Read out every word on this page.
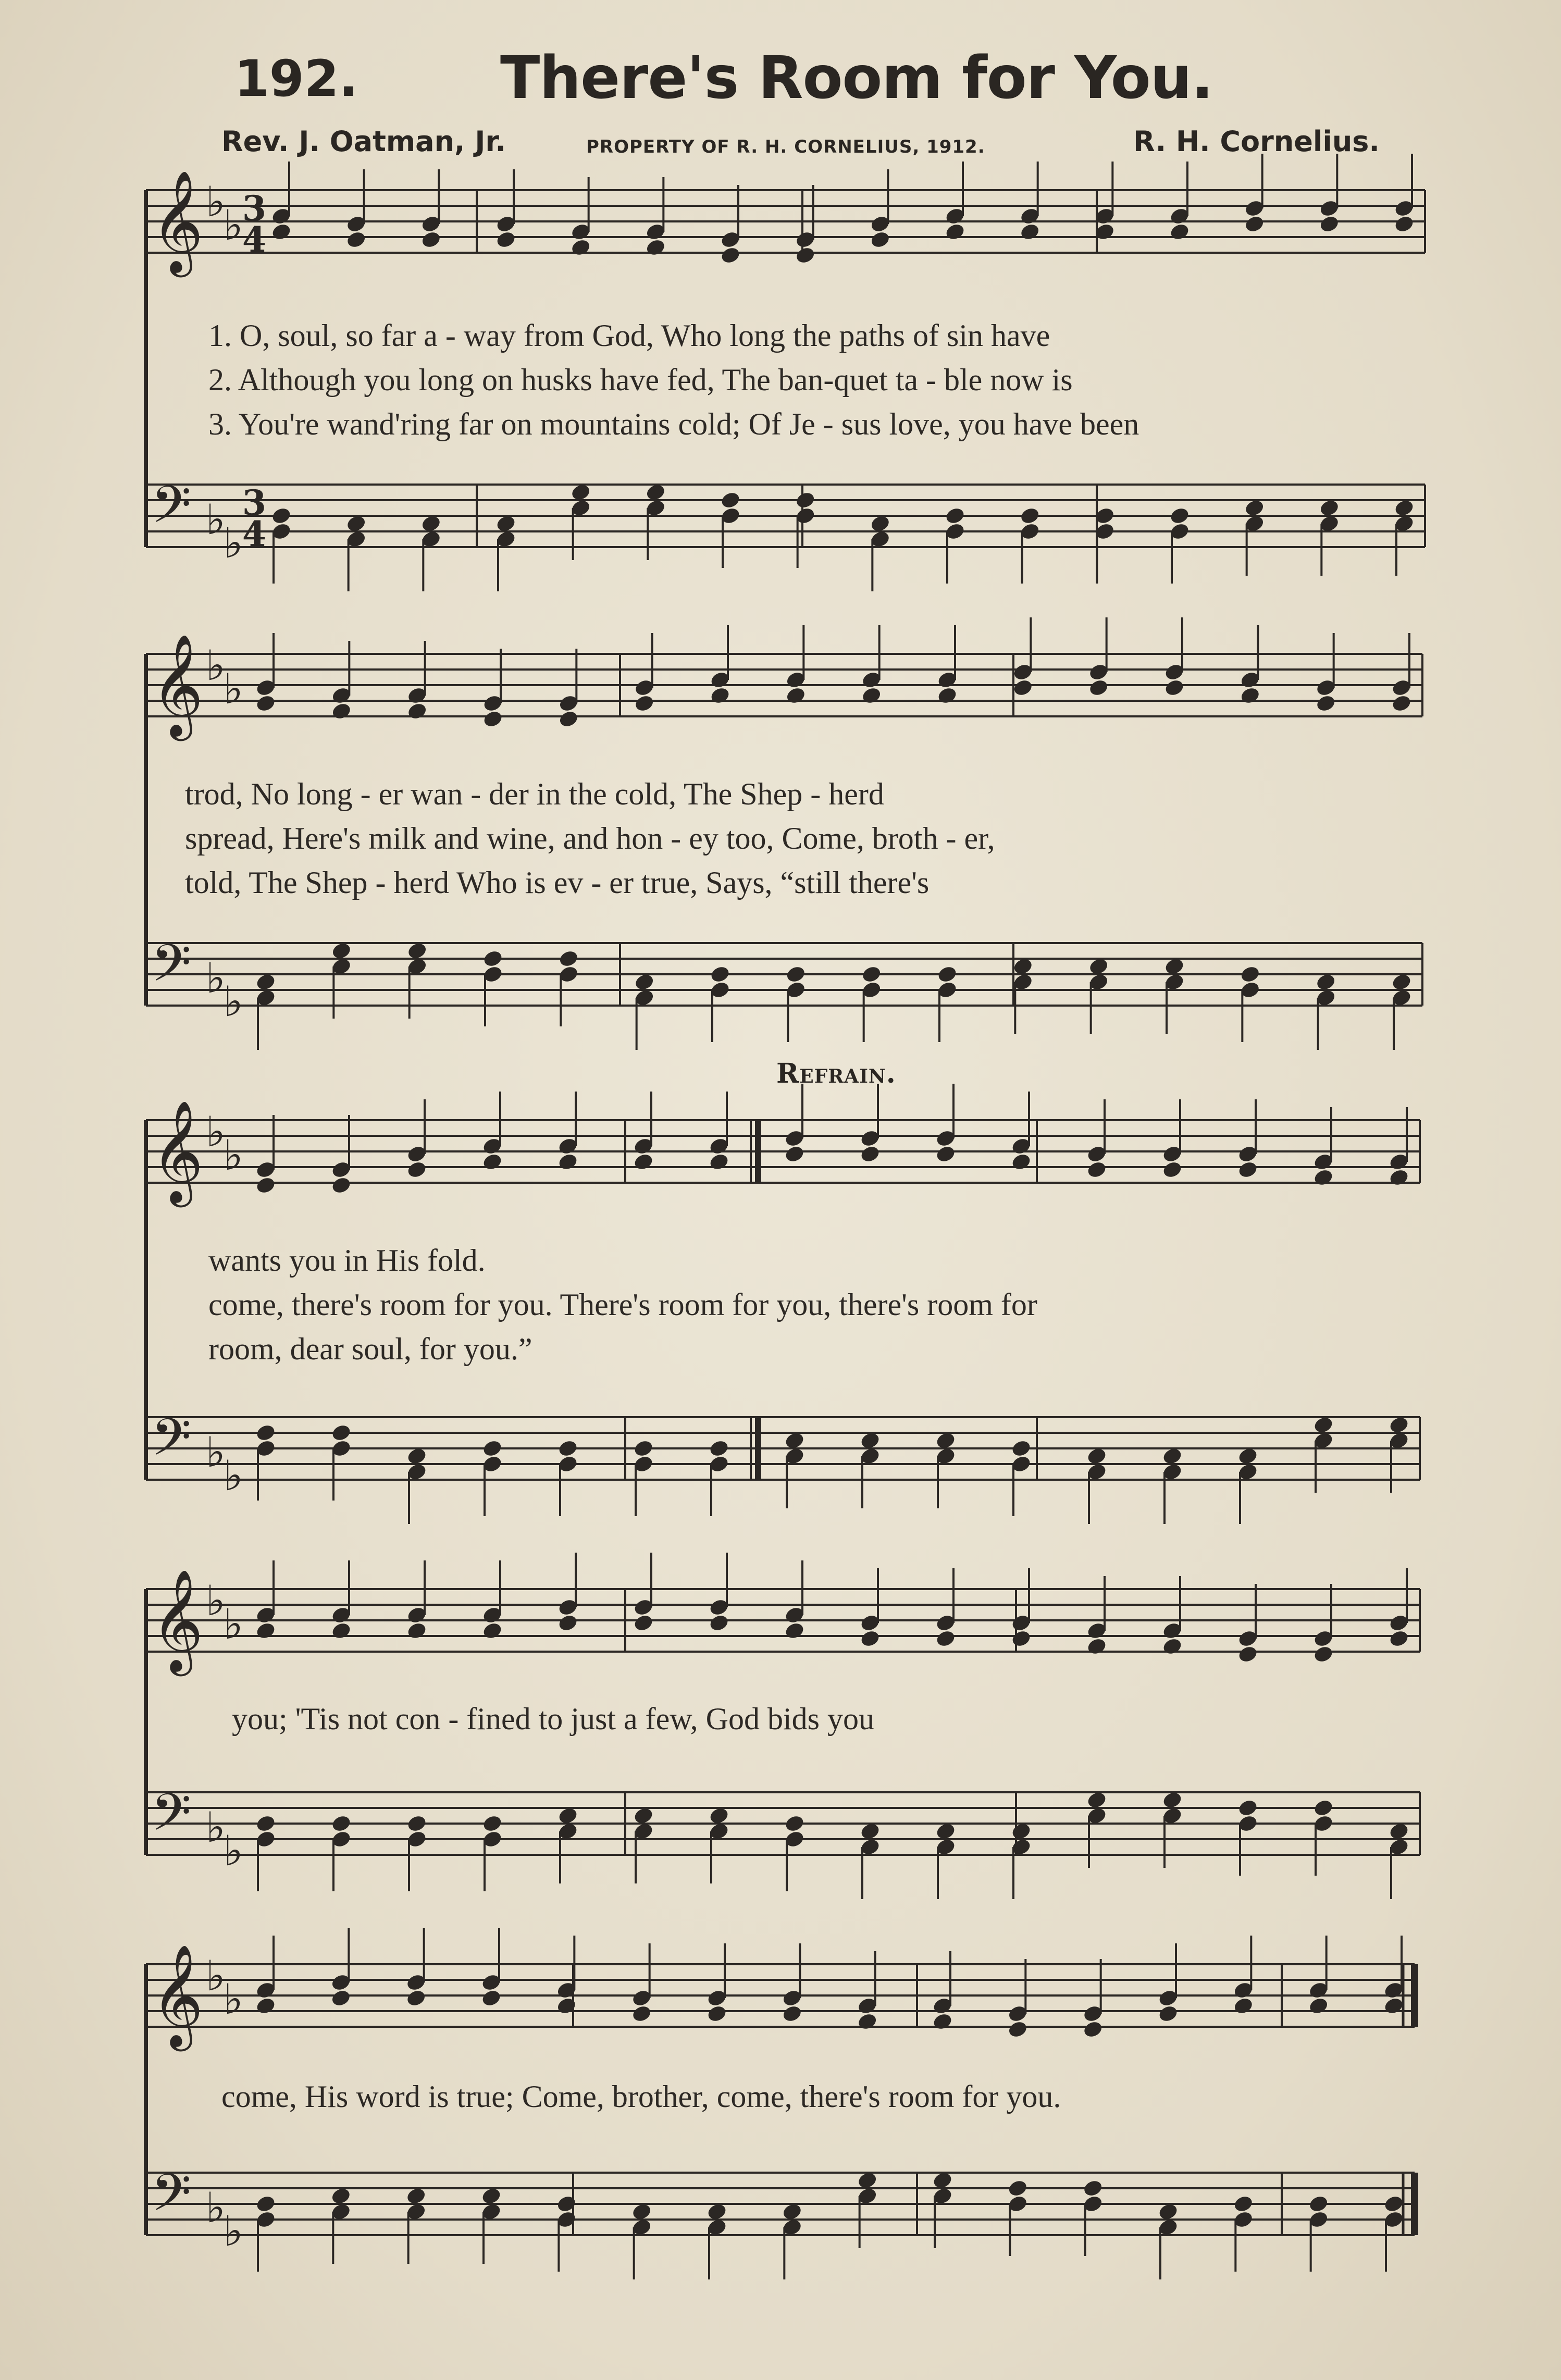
192. There's Room for You.
Rev. J. Oatman, Jr.	PROPERTY OF R. H. CORNELIUS, 1912.	R. H. Cornelius.
𝄞 ♭
♭
3
4
𝄢 ♭
♭
3
4
𝄞 ♭
♭
𝄢 ♭
♭
𝄞 ♭
♭
𝄢 ♭
♭
𝄞 ♭
♭
𝄢 ♭
♭
𝄞 ♭
♭
𝄢 ♭
♭
Refrain.
1. O, soul, so far a - way from God, Who long the paths of sin have
2. Although you long on husks have fed, The ban-quet ta - ble now is
3. You're wand'ring far on mountains cold; Of Je - sus love, you have been
trod, No long - er wan - der in the cold, The Shep - herd
spread, Here's milk and wine, and hon - ey too, Come, broth - er,
told, The Shep - herd Who is ev - er true, Says, “still there's
wants you in His fold.
come, there's room for you. There's room for you, there's room for
room, dear soul, for you.”
you; 'Tis not con - fined to just a few, God bids you
come, His word is true; Come, brother, come, there's room for you.
